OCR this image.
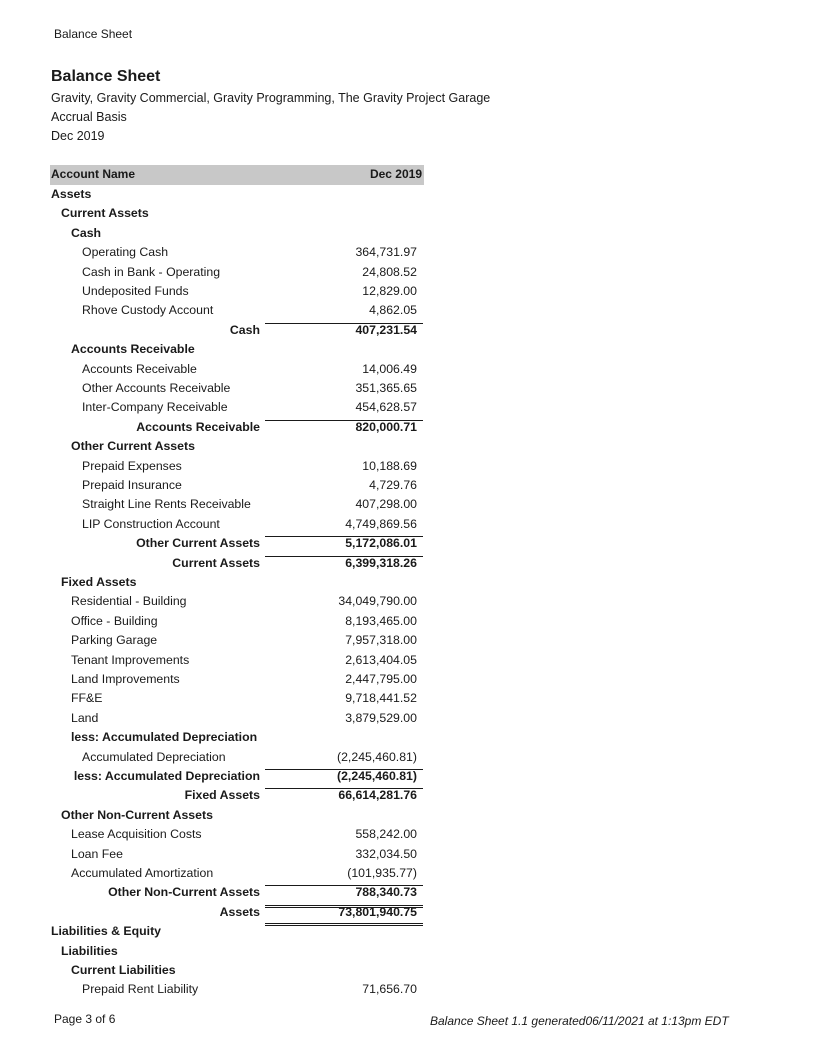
Balance Sheet
Balance Sheet
Gravity, Gravity Commercial, Gravity Programming, The Gravity Project Garage
Accrual Basis
Dec 2019
Account Name	Dec 2019
Assets
Current Assets
Cash
Operating Cash	364,731.97
Cash in Bank - Operating	24,808.52
Undeposited Funds	12,829.00
Rhove Custody Account	4,862.05
Cash	407,231.54
Accounts Receivable
Accounts Receivable	14,006.49
Other Accounts Receivable	351,365.65
Inter-Company Receivable	454,628.57
Accounts Receivable	820,000.71
Other Current Assets
Prepaid Expenses	10,188.69
Prepaid Insurance	4,729.76
Straight Line Rents Receivable	407,298.00
LIP Construction Account	4,749,869.56
Other Current Assets	5,172,086.01
Current Assets	6,399,318.26
Fixed Assets
Residential - Building	34,049,790.00
Office - Building	8,193,465.00
Parking Garage	7,957,318.00
Tenant Improvements	2,613,404.05
Land Improvements	2,447,795.00
FF&E	9,718,441.52
Land	3,879,529.00
less: Accumulated Depreciation
Accumulated Depreciation	(2,245,460.81)
less: Accumulated Depreciation	(2,245,460.81)
Fixed Assets	66,614,281.76
Other Non-Current Assets
Lease Acquisition Costs	558,242.00
Loan Fee	332,034.50
Accumulated Amortization	(101,935.77)
Other Non-Current Assets	788,340.73
Assets	73,801,940.75
Liabilities & Equity
Liabilities
Current Liabilities
Prepaid Rent Liability	71,656.70
Page 3 of 6	Balance Sheet 1.1 generated06/11/2021 at 1:13pm EDT
